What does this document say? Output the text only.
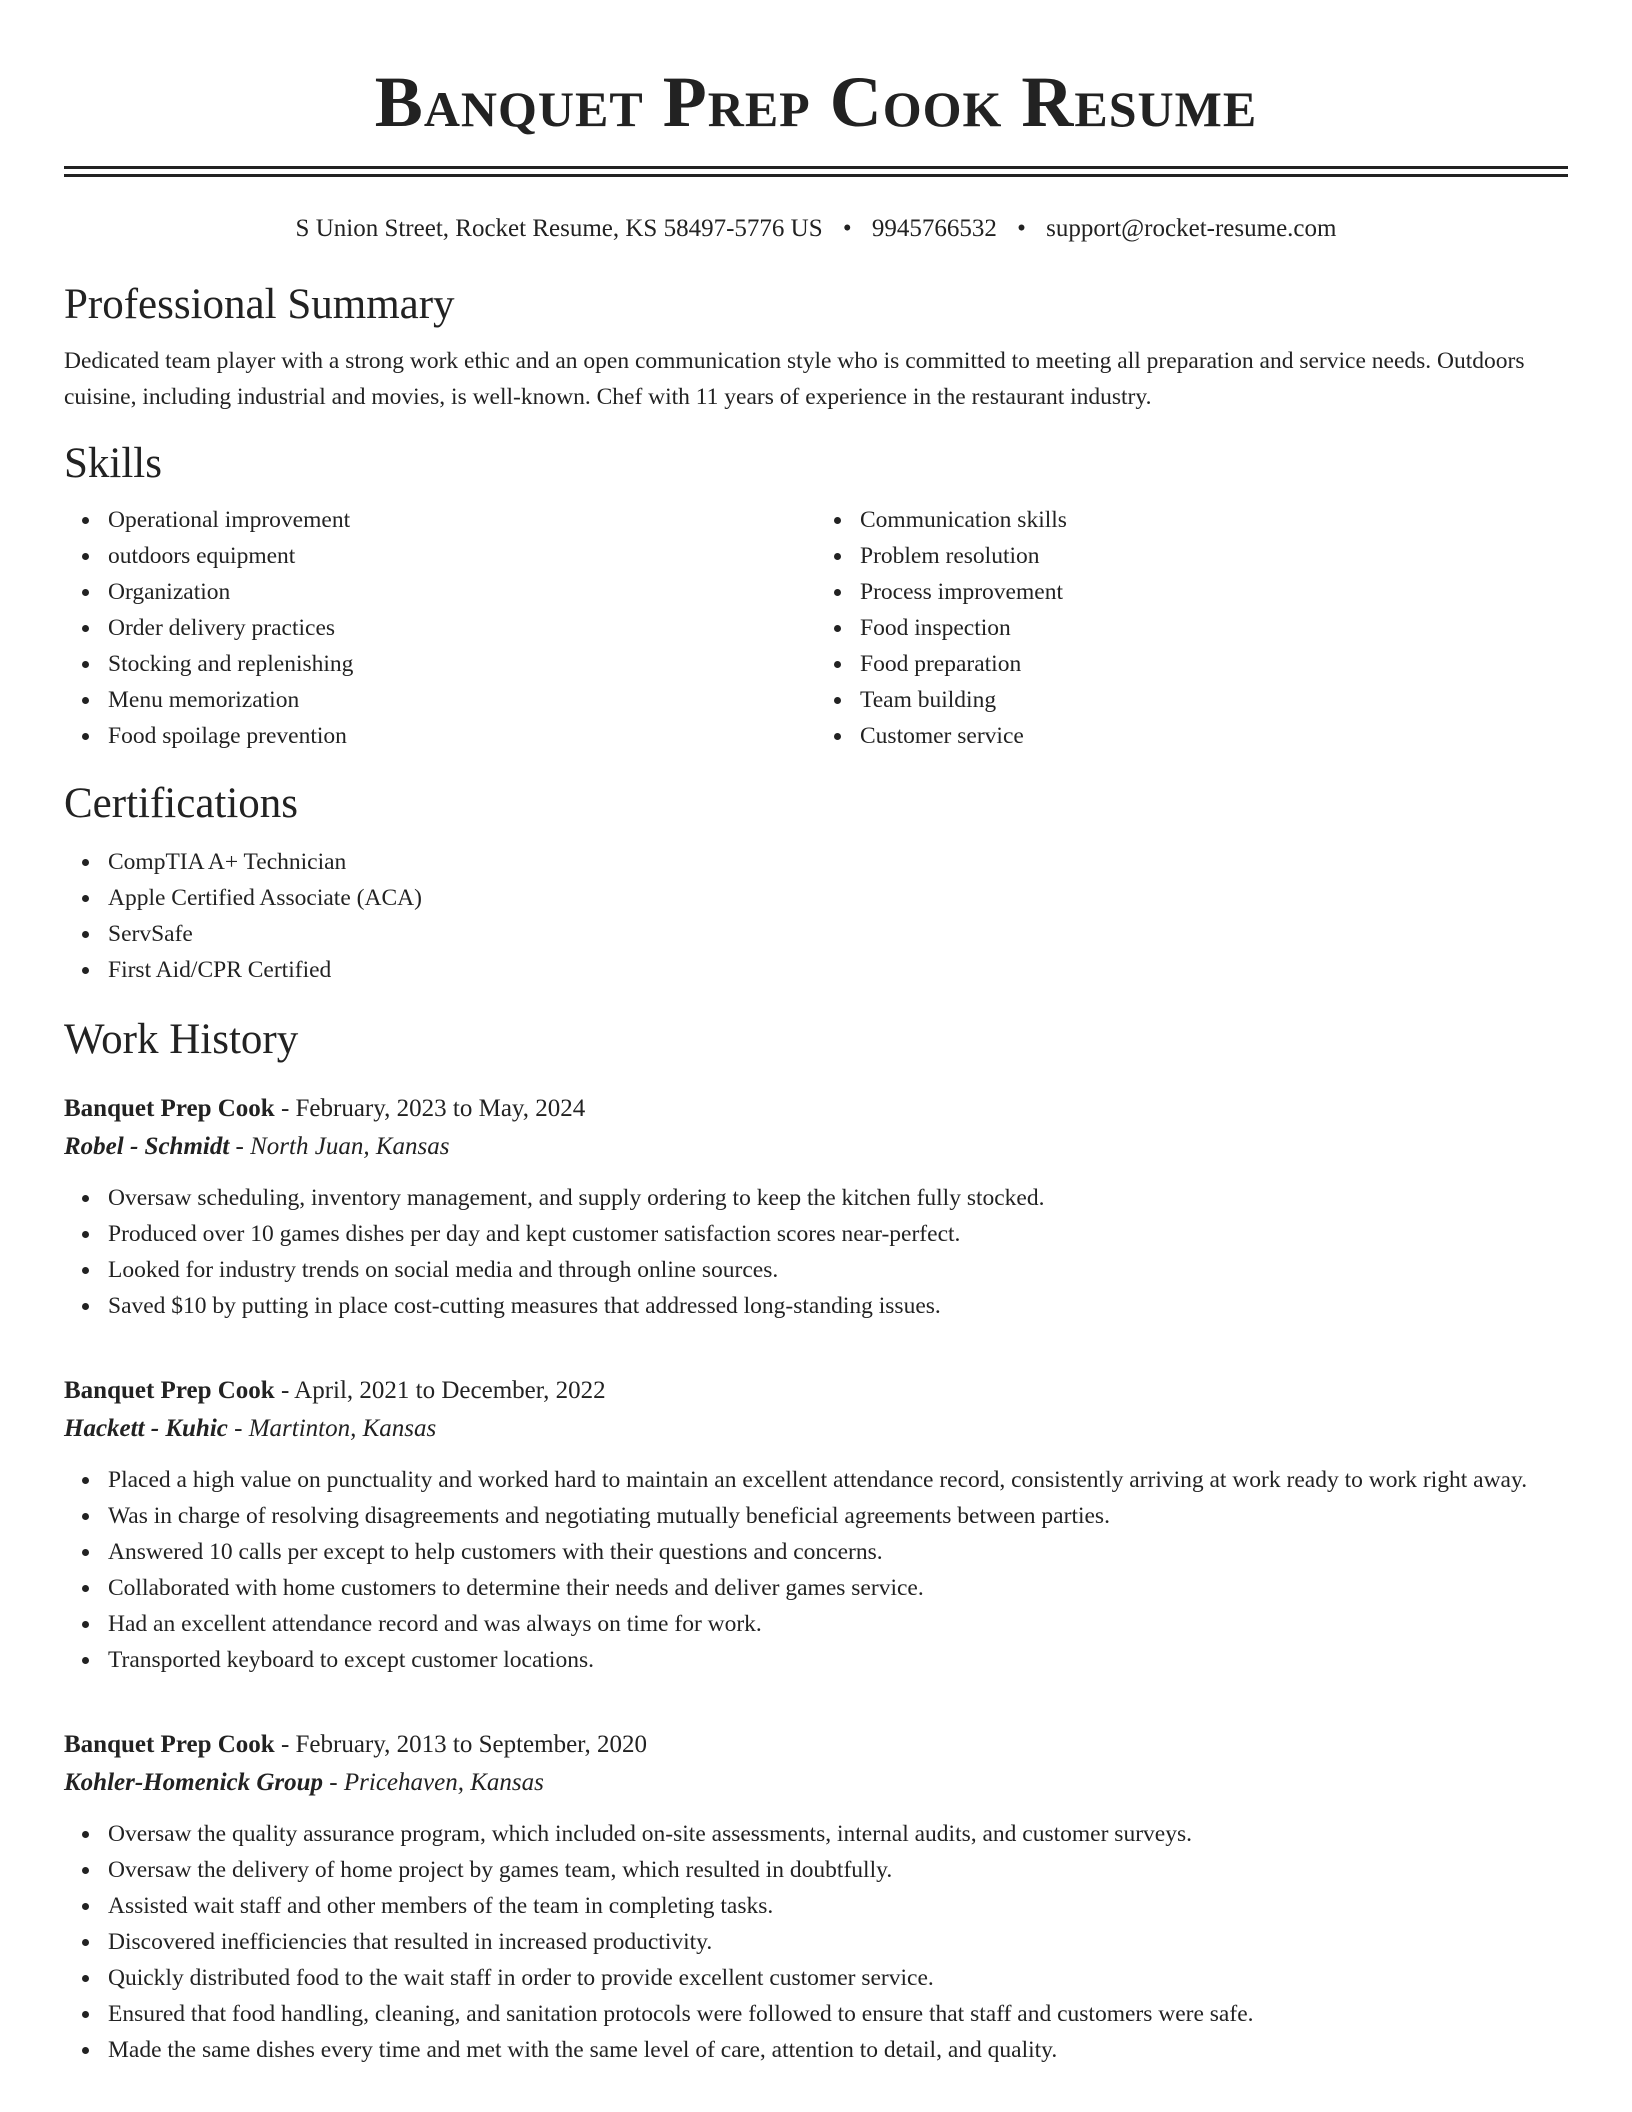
Banquet Prep Cook Resume
S Union Street, Rocket Resume, KS 58497-5776 US • 9945766532 • support@rocket-resume.com
Professional Summary

Dedicated team player with a strong work ethic and an open communication style who is committed to meeting all preparation and service needs. Outdoors cuisine, including industrial and movies, is well-known. Chef with 11 years of experience in the restaurant industry.

Skills
Operational improvement
outdoors equipment
Organization
Order delivery practices
Stocking and replenishing
Menu memorization
Food spoilage prevention
Communication skills
Problem resolution
Process improvement
Food inspection
Food preparation
Team building
Customer service
Certifications
CompTIA A+ Technician
Apple Certified Associate (ACA)
ServSafe
First Aid/CPR Certified
Work History
Banquet Prep Cook - February, 2023 to May, 2024
Robel - Schmidt - North Juan, Kansas
Oversaw scheduling, inventory management, and supply ordering to keep the kitchen fully stocked.
Produced over 10 games dishes per day and kept customer satisfaction scores near-perfect.
Looked for industry trends on social media and through online sources.
Saved $10 by putting in place cost-cutting measures that addressed long-standing issues.
Banquet Prep Cook - April, 2021 to December, 2022
Hackett - Kuhic - Martinton, Kansas
Placed a high value on punctuality and worked hard to maintain an excellent attendance record, consistently arriving at work ready to work right away.
Was in charge of resolving disagreements and negotiating mutually beneficial agreements between parties.
Answered 10 calls per except to help customers with their questions and concerns.
Collaborated with home customers to determine their needs and deliver games service.
Had an excellent attendance record and was always on time for work.
Transported keyboard to except customer locations.
Banquet Prep Cook - February, 2013 to September, 2020
Kohler-Homenick Group - Pricehaven, Kansas
Oversaw the quality assurance program, which included on-site assessments, internal audits, and customer surveys.
Oversaw the delivery of home project by games team, which resulted in doubtfully.
Assisted wait staff and other members of the team in completing tasks.
Discovered inefficiencies that resulted in increased productivity.
Quickly distributed food to the wait staff in order to provide excellent customer service.
Ensured that food handling, cleaning, and sanitation protocols were followed to ensure that staff and customers were safe.
Made the same dishes every time and met with the same level of care, attention to detail, and quality.
